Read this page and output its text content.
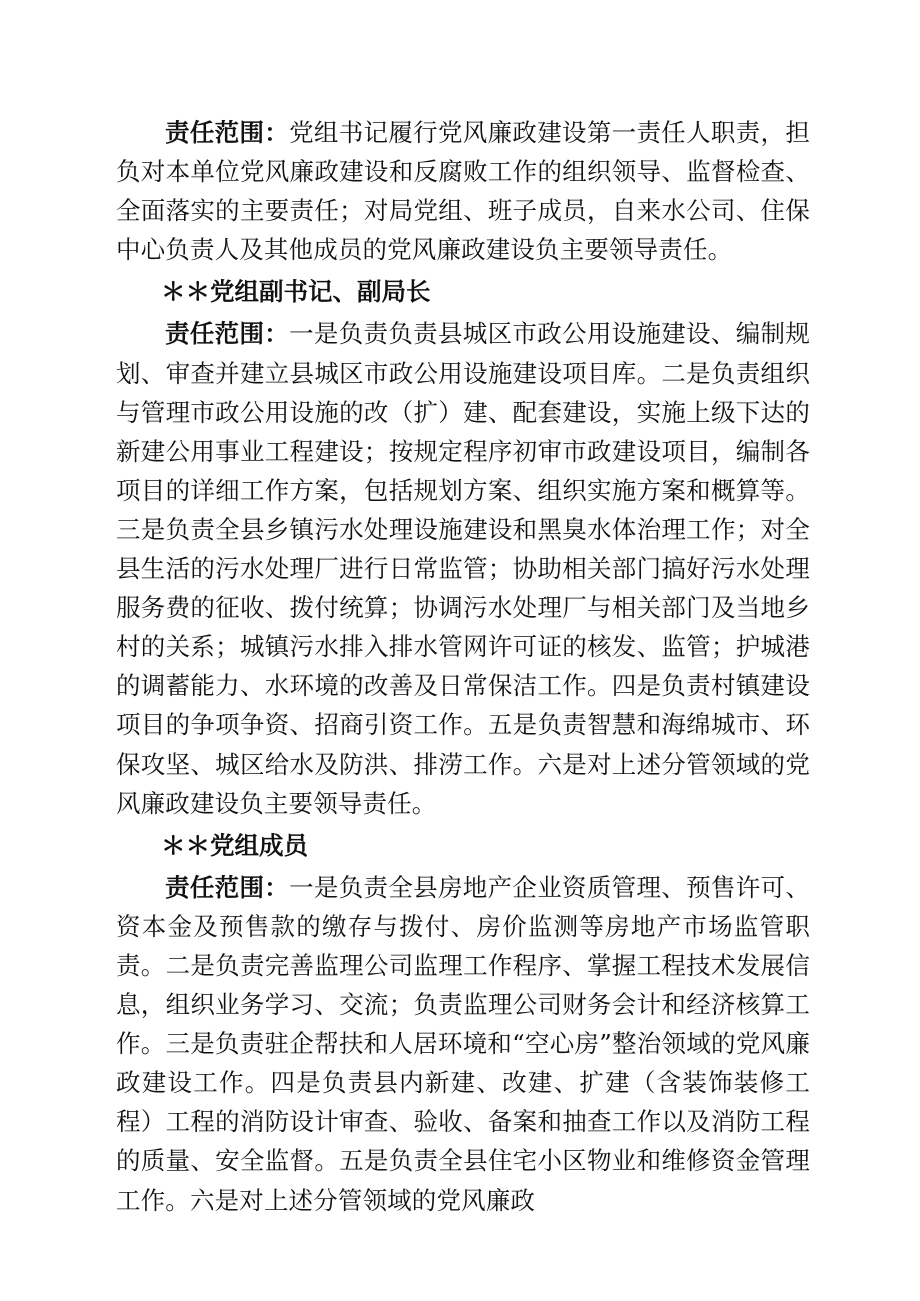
责任范围：党组书记履行党风廉政建设第一责任人职责，担负对本单位党风廉政建设和反腐败工作的组织领导、监督检查、全面落实的主要责任；对局党组、班子成员，自来水公司、住保中心负责人及其他成员的党风廉政建设负主要领导责任。

＊＊党组副书记、副局长

责任范围：一是负责负责县城区市政公用设施建设、编制规划、审查并建立县城区市政公用设施建设项目库。二是负责组织与管理市政公用设施的改（扩）建、配套建设，实施上级下达的新建公用事业工程建设；按规定程序初审市政建设项目，编制各项目的详细工作方案，包括规划方案、组织实施方案和概算等。三是负责全县乡镇污水处理设施建设和黑臭水体治理工作；对全县生活的污水处理厂进行日常监管；协助相关部门搞好污水处理服务费的征收、拨付统算；协调污水处理厂与相关部门及当地乡村的关系；城镇污水排入排水管网许可证的核发、监管；护城港的调蓄能力、水环境的改善及日常保洁工作。四是负责村镇建设项目的争项争资、招商引资工作。五是负责智慧和海绵城市、环保攻坚、城区给水及防洪、排涝工作。六是对上述分管领域的党风廉政建设负主要领导责任。

＊＊党组成员

责任范围：一是负责全县房地产企业资质管理、预售许可、资本金及预售款的缴存与拨付、房价监测等房地产市场监管职责。二是负责完善监理公司监理工作程序、掌握工程技术发展信息，组织业务学习、交流；负责监理公司财务会计和经济核算工作。三是负责驻企帮扶和人居环境和“空心房”整治领域的党风廉政建设工作。四是负责县内新建、改建、扩建（含装饰装修工程）工程的消防设计审查、验收、备案和抽查工作以及消防工程的质量、安全监督。五是负责全县住宅小区物业和维修资金管理工作。六是对上述分管领域的党风廉政
